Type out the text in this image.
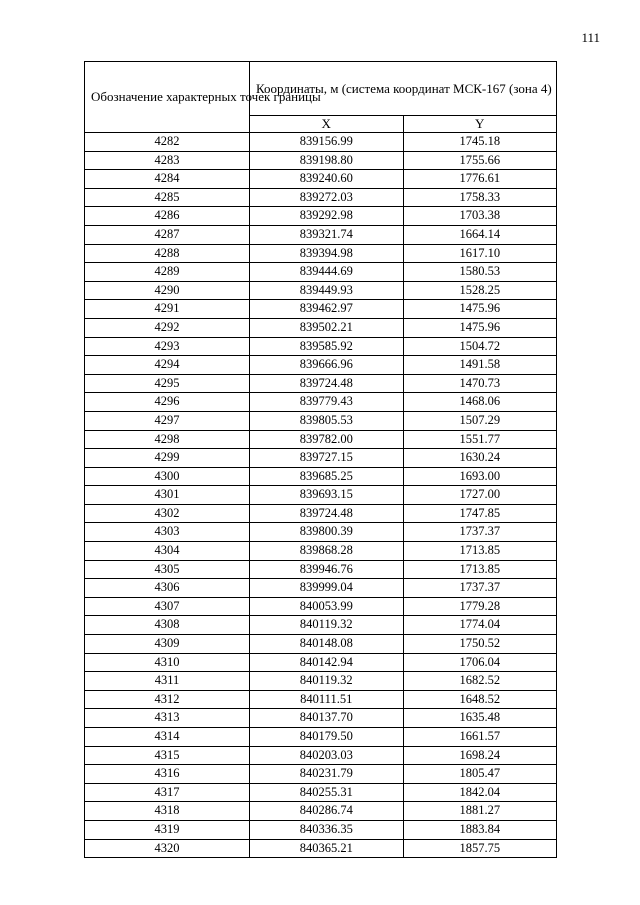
111
Обозначение характерных точек границы	Координаты, м (система координат МСК-167 (зона 4)	

	X	Y
4282	839156.99	1745.18
4283	839198.80	1755.66
4284	839240.60	1776.61
4285	839272.03	1758.33
4286	839292.98	1703.38
4287	839321.74	1664.14
4288	839394.98	1617.10
4289	839444.69	1580.53
4290	839449.93	1528.25
4291	839462.97	1475.96
4292	839502.21	1475.96
4293	839585.92	1504.72
4294	839666.96	1491.58
4295	839724.48	1470.73
4296	839779.43	1468.06
4297	839805.53	1507.29
4298	839782.00	1551.77
4299	839727.15	1630.24
4300	839685.25	1693.00
4301	839693.15	1727.00
4302	839724.48	1747.85
4303	839800.39	1737.37
4304	839868.28	1713.85
4305	839946.76	1713.85
4306	839999.04	1737.37
4307	840053.99	1779.28
4308	840119.32	1774.04
4309	840148.08	1750.52
4310	840142.94	1706.04
4311	840119.32	1682.52
4312	840111.51	1648.52
4313	840137.70	1635.48
4314	840179.50	1661.57
4315	840203.03	1698.24
4316	840231.79	1805.47
4317	840255.31	1842.04
4318	840286.74	1881.27
4319	840336.35	1883.84
4320	840365.21	1857.75
